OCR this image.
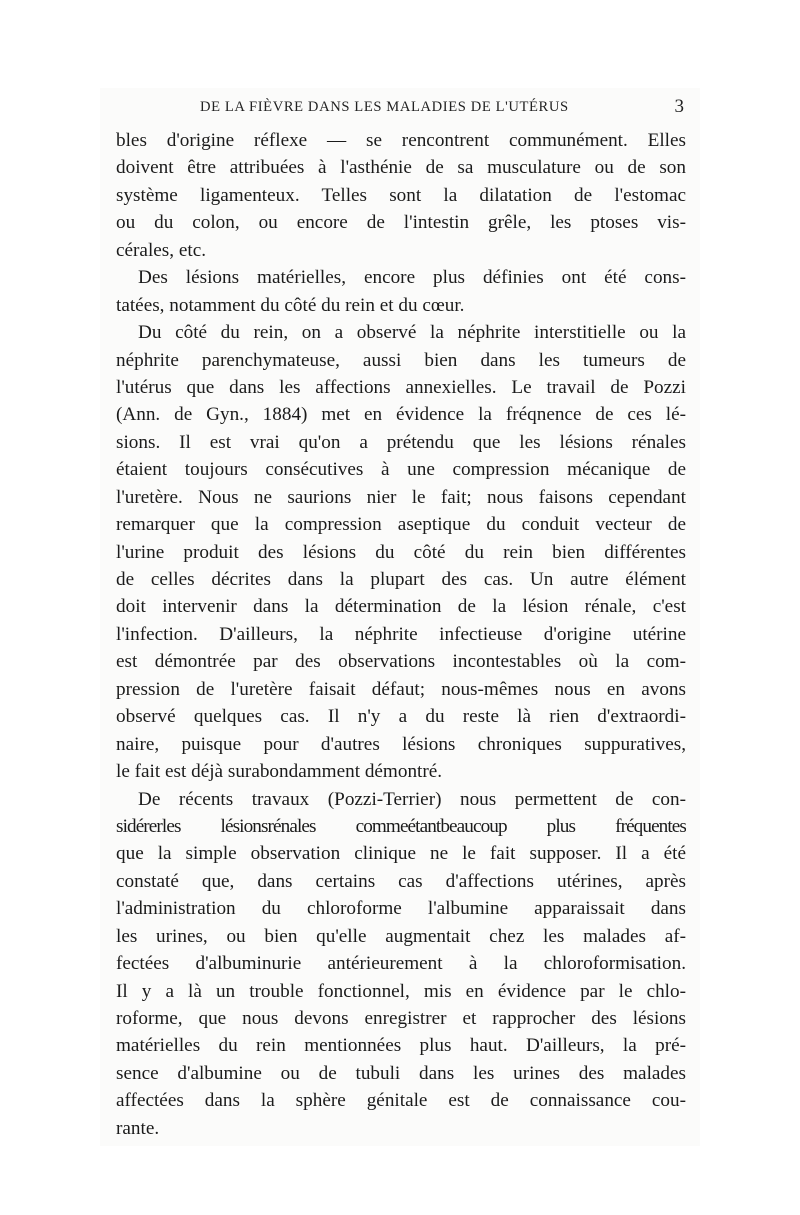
DE LA FIÈVRE DANS LES MALADIES DE L'UTÉRUS	3
bles d'origine réflexe — se rencontrent communément. Elles
doivent être attribuées à l'asthénie de sa musculature ou de son
système ligamenteux. Telles sont la dilatation de l'estomac
ou du colon, ou encore de l'intestin grêle, les ptoses vis-
cérales, etc.
Des lésions matérielles, encore plus définies ont été cons-
tatées, notamment du côté du rein et du cœur.
Du côté du rein, on a observé la néphrite interstitielle ou la
néphrite parenchymateuse, aussi bien dans les tumeurs de
l'utérus que dans les affections annexielles. Le travail de Pozzi
(Ann. de Gyn., 1884) met en évidence la fréqnence de ces lé-
sions. Il est vrai qu'on a prétendu que les lésions rénales
étaient toujours consécutives à une compression mécanique de
l'uretère. Nous ne saurions nier le fait; nous faisons cependant
remarquer que la compression aseptique du conduit vecteur de
l'urine produit des lésions du côté du rein bien différentes
de celles décrites dans la plupart des cas. Un autre élément
doit intervenir dans la détermination de la lésion rénale, c'est
l'infection. D'ailleurs, la néphrite infectieuse d'origine utérine
est démontrée par des observations incontestables où la com-
pression de l'uretère faisait défaut; nous-mêmes nous en avons
observé quelques cas. Il n'y a du reste là rien d'extraordi-
naire, puisque pour d'autres lésions chroniques suppuratives,
le fait est déjà surabondamment démontré.
De récents travaux (Pozzi-Terrier) nous permettent de con-
sidérerles lésionsrénales commeétantbeaucoup plus fréquentes
que la simple observation clinique ne le fait supposer. Il a été
constaté que, dans certains cas d'affections utérines, après
l'administration du chloroforme l'albumine apparaissait dans
les urines, ou bien qu'elle augmentait chez les malades af-
fectées d'albuminurie antérieurement à la chloroformisation.
Il y a là un trouble fonctionnel, mis en évidence par le chlo-
roforme, que nous devons enregistrer et rapprocher des lésions
matérielles du rein mentionnées plus haut. D'ailleurs, la pré-
sence d'albumine ou de tubuli dans les urines des malades
affectées dans la sphère génitale est de connaissance cou-
rante.
